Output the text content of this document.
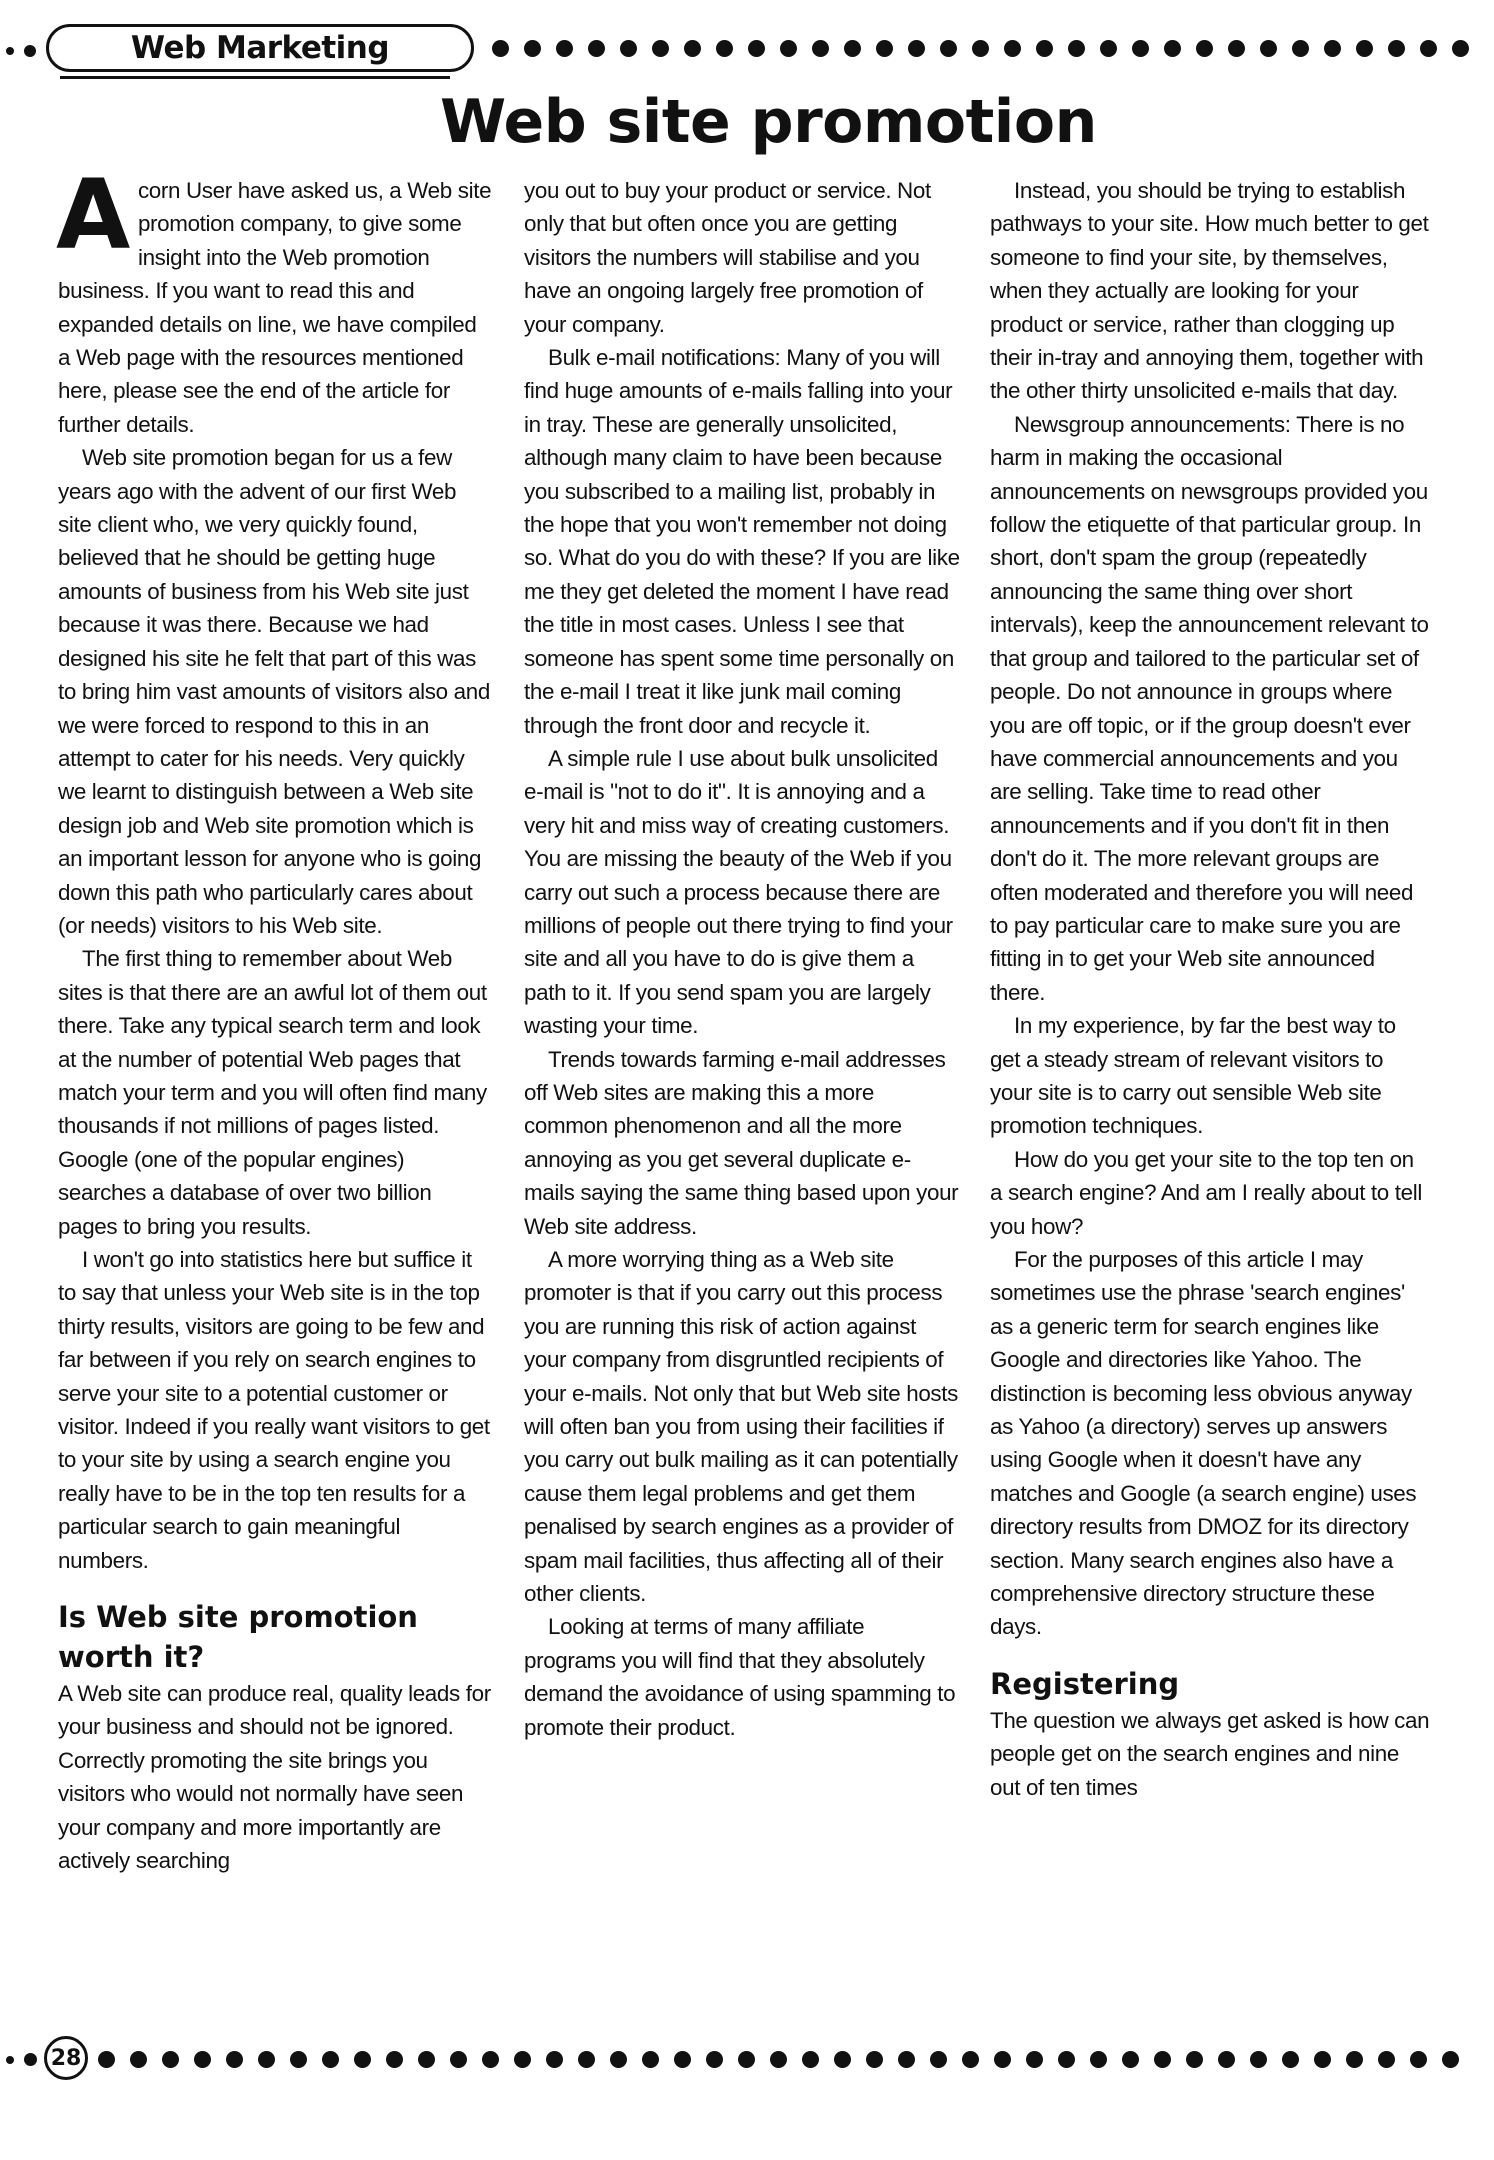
Web Marketing
Web site promotion

Acorn User have asked us, a Web site promotion company, to give some insight into the Web promotion business. If you want to read this and expanded details on line, we have compiled a Web page with the resources mentioned here, please see the end of the article for further details.

Web site promotion began for us a few years ago with the advent of our first Web site client who, we very quickly found, believed that he should be getting huge amounts of business from his Web site just because it was there. Because we had designed his site he felt that part of this was to bring him vast amounts of visitors also and we were forced to respond to this in an attempt to cater for his needs. Very quickly we learnt to distinguish between a Web site design job and Web site promotion which is an important lesson for anyone who is going down this path who particularly cares about (or needs) visitors to his Web site.

The first thing to remember about Web sites is that there are an awful lot of them out there. Take any typical search term and look at the number of potential Web pages that match your term and you will often find many thousands if not millions of pages listed. Google (one of the popular engines) searches a database of over two billion pages to bring you results.

I won't go into statistics here but suffice it to say that unless your Web site is in the top thirty results, visitors are going to be few and far between if you rely on search engines to serve your site to a potential customer or visitor. Indeed if you really want visitors to get to your site by using a search engine you really have to be in the top ten results for a particular search to gain meaningful numbers.

Is Web site promotion worth it?

A Web site can produce real, quality leads for your business and should not be ignored. Correctly promoting the site brings you visitors who would not normally have seen your company and more importantly are actively searching

you out to buy your product or service. Not only that but often once you are getting visitors the numbers will stabilise and you have an ongoing largely free promotion of your company.

Bulk e-mail notifications: Many of you will find huge amounts of e-mails falling into your in tray. These are generally unsolicited, although many claim to have been because you subscribed to a mailing list, probably in the hope that you won't remember not doing so. What do you do with these? If you are like me they get deleted the moment I have read the title in most cases. Unless I see that someone has spent some time personally on the e-mail I treat it like junk mail coming through the front door and recycle it.

A simple rule I use about bulk unsolicited e-mail is "not to do it". It is annoying and a very hit and miss way of creating customers. You are missing the beauty of the Web if you carry out such a process because there are millions of people out there trying to find your site and all you have to do is give them a path to it. If you send spam you are largely wasting your time.

Trends towards farming e-mail addresses off Web sites are making this a more common phenomenon and all the more annoying as you get several duplicate e-mails saying the same thing based upon your Web site address.

A more worrying thing as a Web site promoter is that if you carry out this process you are running this risk of action against your company from disgruntled recipients of your e-mails. Not only that but Web site hosts will often ban you from using their facilities if you carry out bulk mailing as it can potentially cause them legal problems and get them penalised by search engines as a provider of spam mail facilities, thus affecting all of their other clients.

Looking at terms of many affiliate programs you will find that they absolutely demand the avoidance of using spamming to promote their product.

Instead, you should be trying to establish pathways to your site. How much better to get someone to find your site, by themselves, when they actually are looking for your product or service, rather than clogging up their in-tray and annoying them, together with the other thirty unsolicited e-mails that day.

Newsgroup announcements: There is no harm in making the occasional announcements on newsgroups provided you follow the etiquette of that particular group. In short, don't spam the group (repeatedly announcing the same thing over short intervals), keep the announcement relevant to that group and tailored to the particular set of people. Do not announce in groups where you are off topic, or if the group doesn't ever have commercial announcements and you are selling. Take time to read other announcements and if you don't fit in then don't do it. The more relevant groups are often moderated and therefore you will need to pay particular care to make sure you are fitting in to get your Web site announced there.

In my experience, by far the best way to get a steady stream of relevant visitors to your site is to carry out sensible Web site promotion techniques.

How do you get your site to the top ten on a search engine? And am I really about to tell you how?

For the purposes of this article I may sometimes use the phrase 'search engines' as a generic term for search engines like Google and directories like Yahoo. The distinction is becoming less obvious anyway as Yahoo (a directory) serves up answers using Google when it doesn't have any matches and Google (a search engine) uses directory results from DMOZ for its directory section. Many search engines also have a comprehensive directory structure these days.

Registering

The question we always get asked is how can people get on the search engines and nine out of ten times

28
